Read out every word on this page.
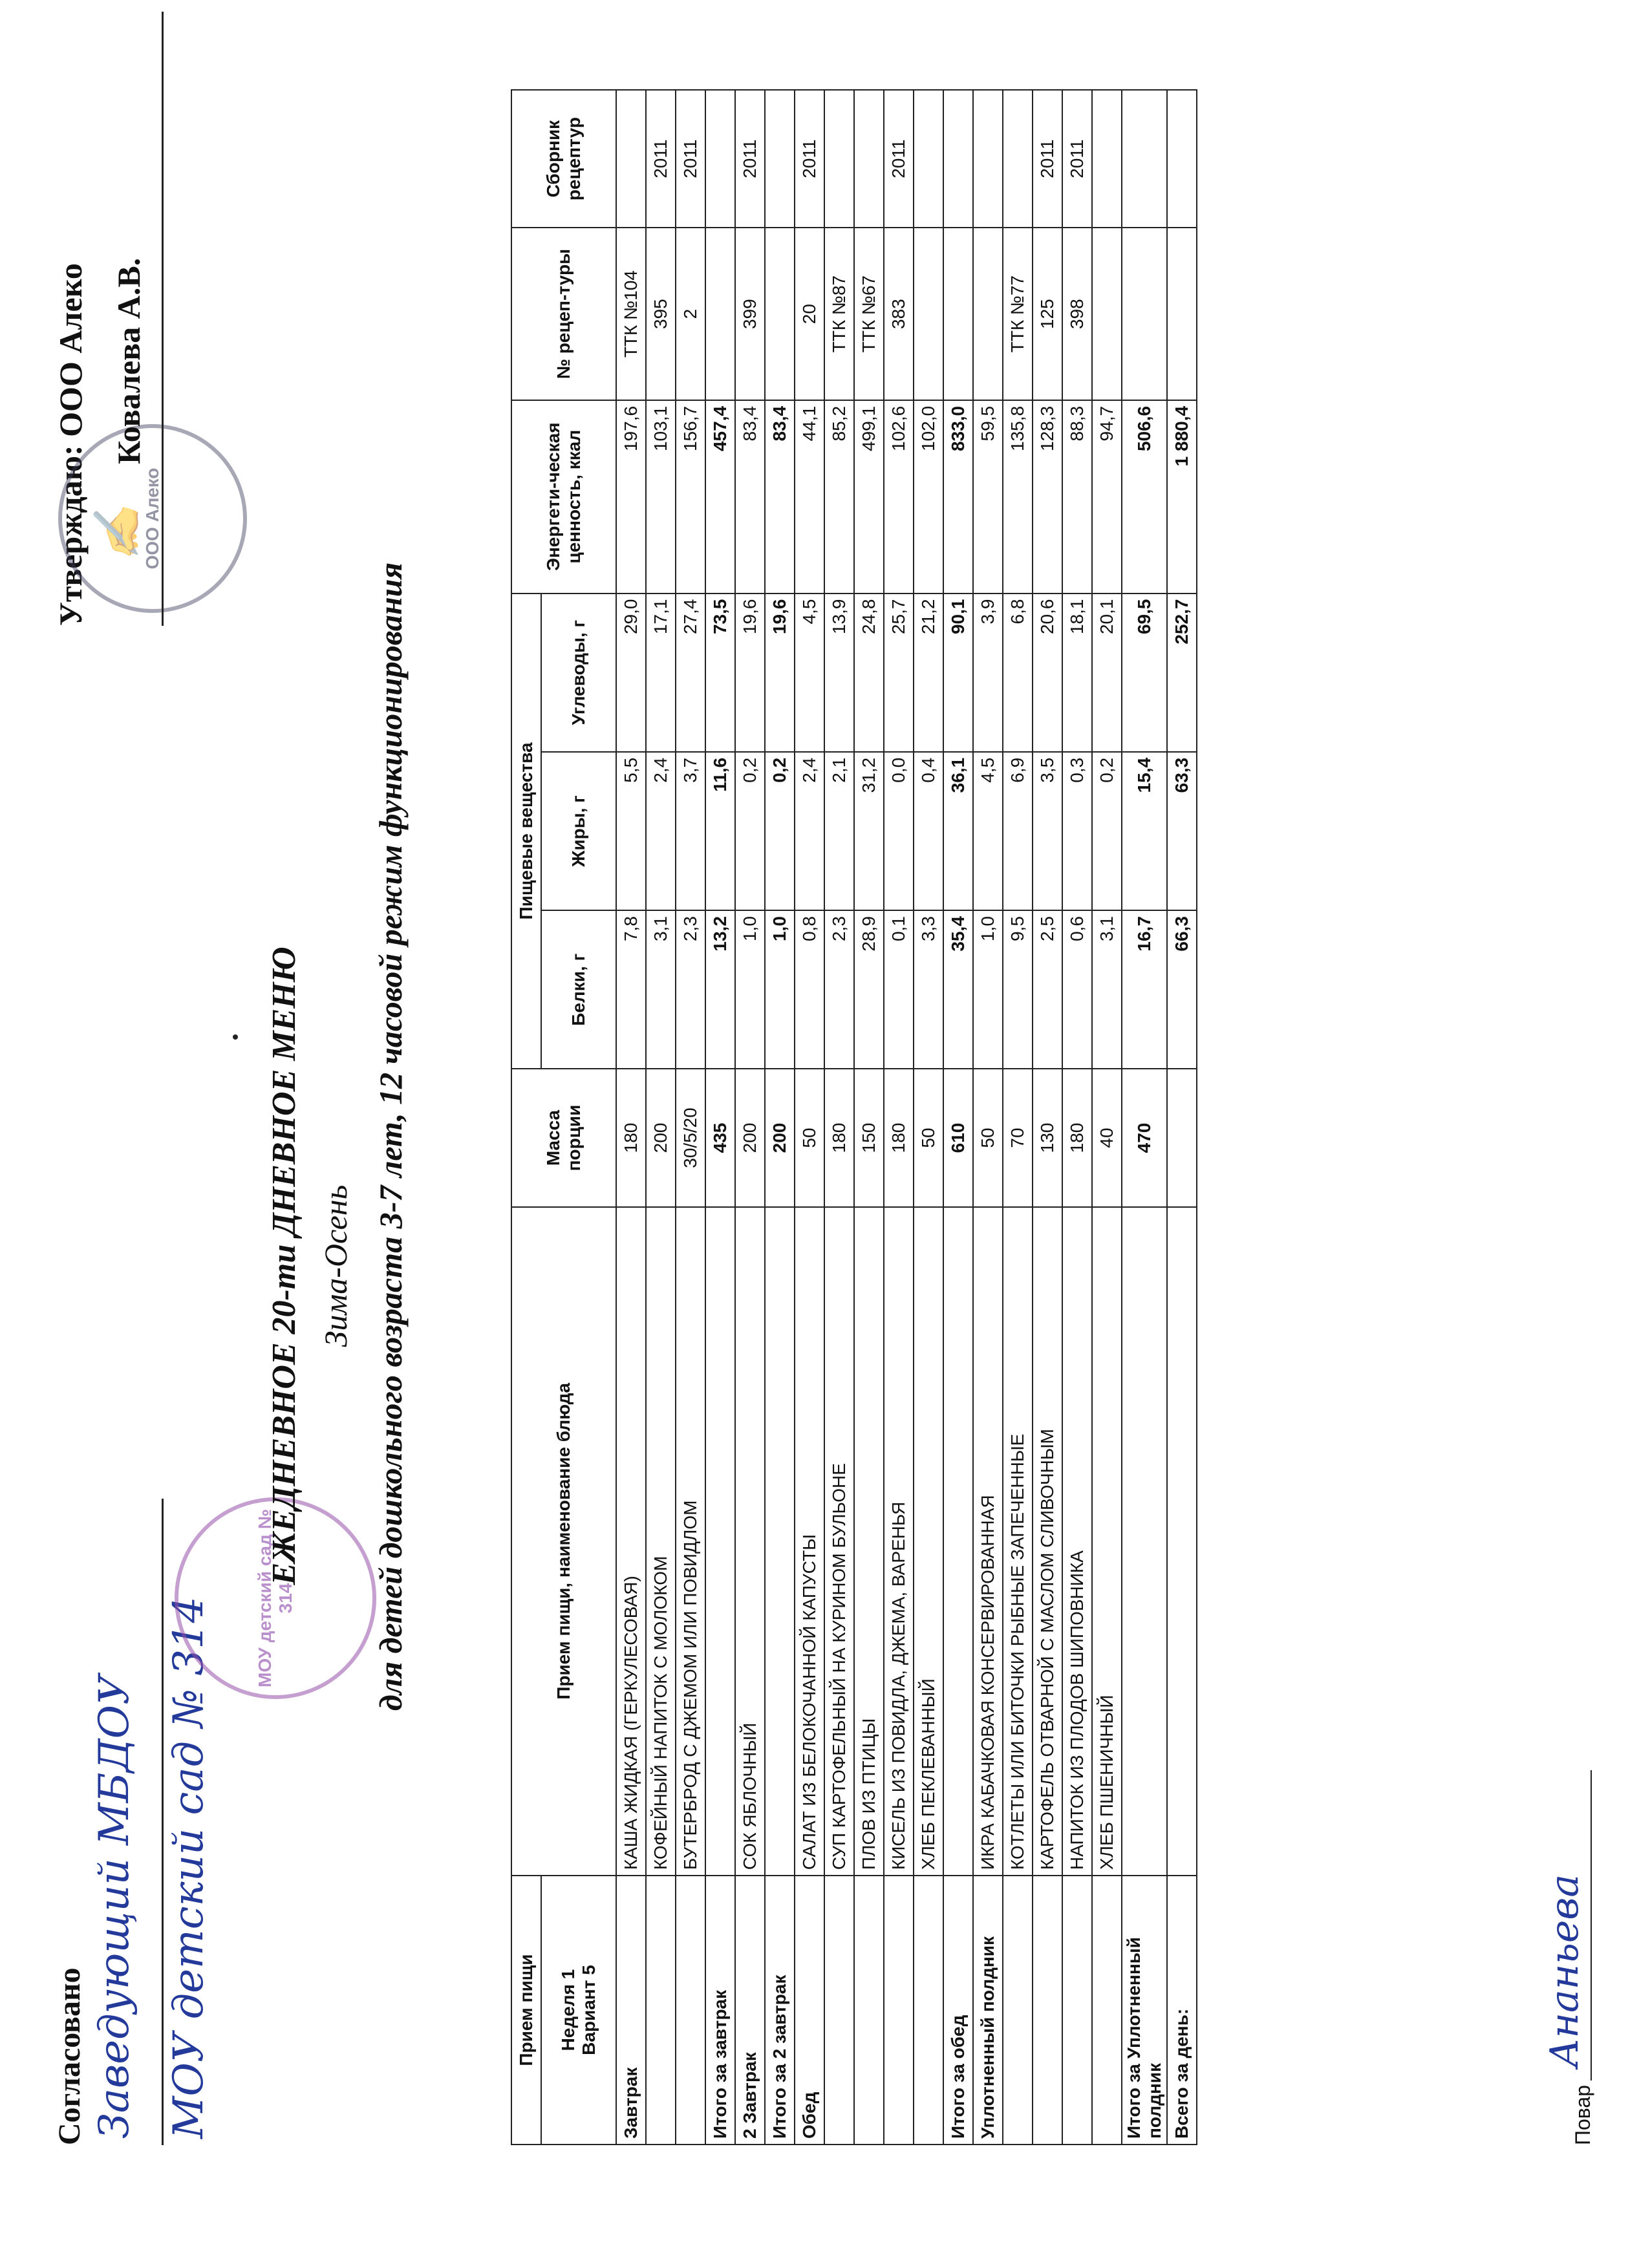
Согласовано Заведующий МБДОУ МОУ детский сад № 314 МОУ детский сад № 314
Утверждаю: ООО Алеко	ООО Алеко
✍
Ковалева А.В.
ЕЖЕДНЕВНОЕ 20-ти ДНЕВНОЕ МЕНЮ Зима-Осень для детей дошкольного возраста 3-7 лет, 12 часовой режим функционирования
Прием пищи	Прием пищи, наименование блюда	Масса порции	Пищевые вещества			Энергети-ческая ценность, ккал	№ рецеп-туры	Сборник рецептур
			Белки, г	Жиры, г	Углеводы, г			

Неделя 1 Вариант 5								

Завтрак	КАША ЖИДКАЯ (ГЕРКУЛЕСОВАЯ)	180	7,8	5,5	29,0	197,6	ТТК №104	
	КОФЕЙНЫЙ НАПИТОК С МОЛОКОМ	200	3,1	2,4	17,1	103,1	395	2011
	БУТЕРБРОД С ДЖЕМОМ ИЛИ ПОВИДЛОМ	30/5/20	2,3	3,7	27,4	156,7	2	2011
Итого за завтрак		435	13,2	11,6	73,5	457,4		
2 Завтрак	СОК ЯБЛОЧНЫЙ	200	1,0	0,2	19,6	83,4	399	2011
Итого за 2 завтрак		200	1,0	0,2	19,6	83,4		
Обед	САЛАТ ИЗ БЕЛОКОЧАННОЙ КАПУСТЫ	50	0,8	2,4	4,5	44,1	20	2011
	СУП КАРТОФЕЛЬНЫЙ НА КУРИНОМ БУЛЬОНЕ	180	2,3	2,1	13,9	85,2	ТТК №87	
	ПЛОВ ИЗ ПТИЦЫ	150	28,9	31,2	24,8	499,1	ТТК №67	
	КИСЕЛЬ ИЗ ПОВИДЛА, ДЖЕМА, ВАРЕНЬЯ	180	0,1	0,0	25,7	102,6	383	2011
	ХЛЕБ ПЕКЛЕВАННЫЙ	50	3,3	0,4	21,2	102,0		
Итого за обед		610	35,4	36,1	90,1	833,0		
Уплотненный полдник	ИКРА КАБАЧКОВАЯ КОНСЕРВИРОВАННАЯ	50	1,0	4,5	3,9	59,5		
	КОТЛЕТЫ ИЛИ БИТОЧКИ РЫБНЫЕ ЗАПЕЧЕННЫЕ	70	9,5	6,9	6,8	135,8	ТТК №77	
	КАРТОФЕЛЬ ОТВАРНОЙ С МАСЛОМ СЛИВОЧНЫМ	130	2,5	3,5	20,6	128,3	125	2011
	НАПИТОК ИЗ ПЛОДОВ ШИПОВНИКА	180	0,6	0,3	18,1	88,3	398	2011
	ХЛЕБ ПШЕНИЧНЫЙ	40	3,1	0,2	20,1	94,7		
Итого за Уплотненный полдник		470	16,7	15,4	69,5	506,6		
Всего за день:			66,3	63,3	252,7	1 880,4		
Повар
Ананьева
